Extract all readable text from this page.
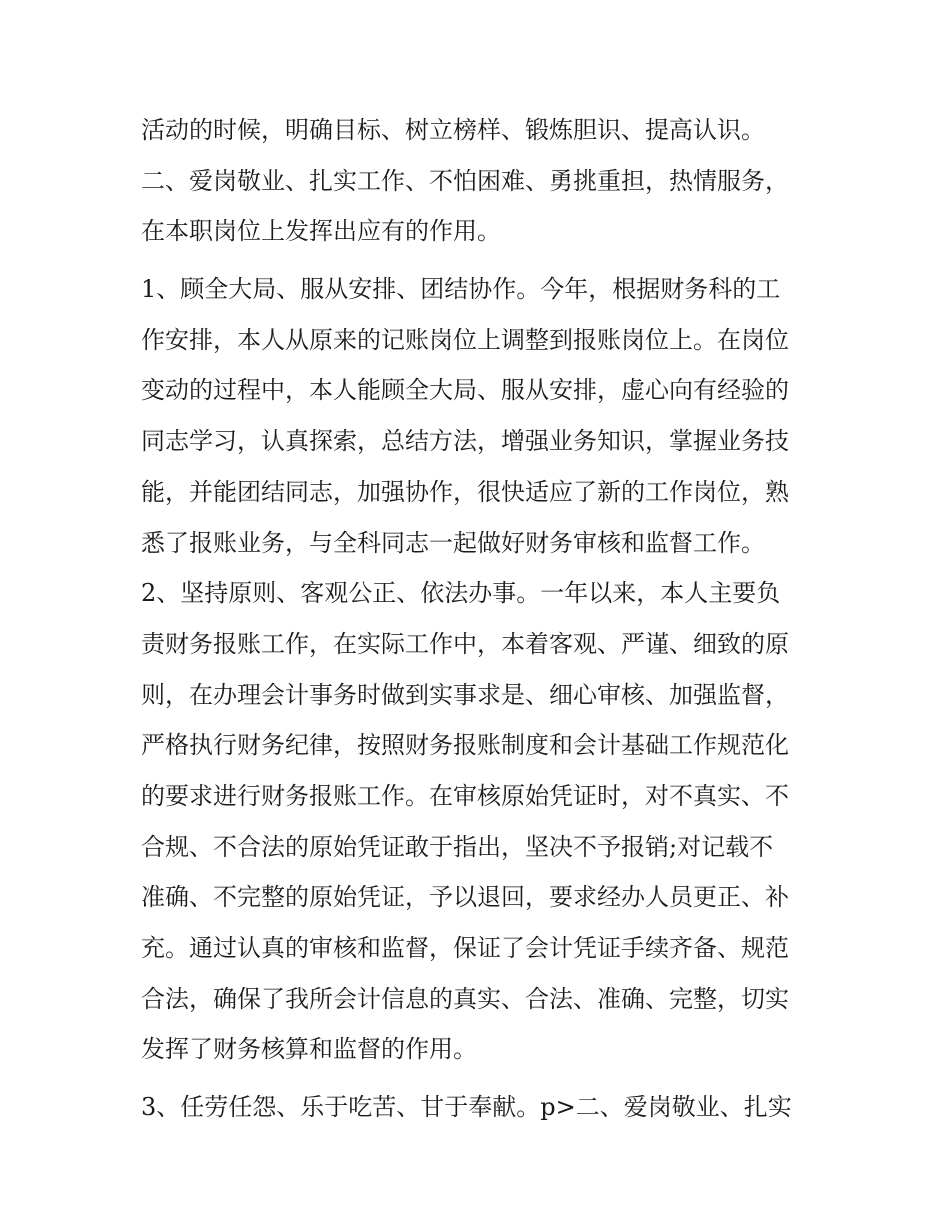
活动的时候，明确目标、树立榜样、锻炼胆识、提高认识。
二、爱岗敬业、扎实工作、不怕困难、勇挑重担，热情服务，
在本职岗位上发挥出应有的作用。
1、顾全大局、服从安排、团结协作。今年，根据财务科的工
作安排，本人从原来的记账岗位上调整到报账岗位上。在岗位
变动的过程中，本人能顾全大局、服从安排，虚心向有经验的
同志学习，认真探索，总结方法，增强业务知识，掌握业务技
能，并能团结同志，加强协作，很快适应了新的工作岗位，熟
悉了报账业务，与全科同志一起做好财务审核和监督工作。
2、坚持原则、客观公正、依法办事。一年以来，本人主要负
责财务报账工作，在实际工作中，本着客观、严谨、细致的原
则，在办理会计事务时做到实事求是、细心审核、加强监督，
严格执行财务纪律，按照财务报账制度和会计基础工作规范化
的要求进行财务报账工作。在审核原始凭证时，对不真实、不
合规、不合法的原始凭证敢于指出，坚决不予报销;对记载不
准确、不完整的原始凭证，予以退回，要求经办人员更正、补
充。通过认真的审核和监督，保证了会计凭证手续齐备、规范
合法，确保了我所会计信息的真实、合法、准确、完整，切实
发挥了财务核算和监督的作用。
3、任劳任怨、乐于吃苦、甘于奉献。p>二、爱岗敬业、扎实
